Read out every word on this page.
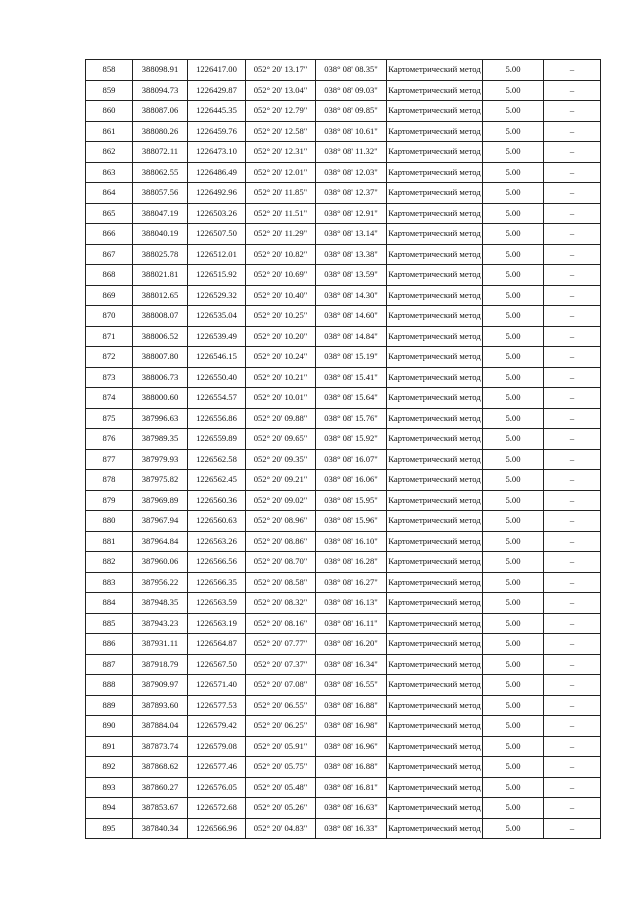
858	388098.91	1226417.00	052° 20' 13.17"	038° 08' 08.35"	Картометрический метод	5.00	–
859	388094.73	1226429.87	052° 20' 13.04"	038° 08' 09.03"	Картометрический метод	5.00	–
860	388087.06	1226445.35	052° 20' 12.79"	038° 08' 09.85"	Картометрический метод	5.00	–
861	388080.26	1226459.76	052° 20' 12.58"	038° 08' 10.61"	Картометрический метод	5.00	–
862	388072.11	1226473.10	052° 20' 12.31"	038° 08' 11.32"	Картометрический метод	5.00	–
863	388062.55	1226486.49	052° 20' 12.01"	038° 08' 12.03"	Картометрический метод	5.00	–
864	388057.56	1226492.96	052° 20' 11.85"	038° 08' 12.37"	Картометрический метод	5.00	–
865	388047.19	1226503.26	052° 20' 11.51"	038° 08' 12.91"	Картометрический метод	5.00	–
866	388040.19	1226507.50	052° 20' 11.29"	038° 08' 13.14"	Картометрический метод	5.00	–
867	388025.78	1226512.01	052° 20' 10.82"	038° 08' 13.38"	Картометрический метод	5.00	–
868	388021.81	1226515.92	052° 20' 10.69"	038° 08' 13.59"	Картометрический метод	5.00	–
869	388012.65	1226529.32	052° 20' 10.40"	038° 08' 14.30"	Картометрический метод	5.00	–
870	388008.07	1226535.04	052° 20' 10.25"	038° 08' 14.60"	Картометрический метод	5.00	–
871	388006.52	1226539.49	052° 20' 10.20"	038° 08' 14.84"	Картометрический метод	5.00	–
872	388007.80	1226546.15	052° 20' 10.24"	038° 08' 15.19"	Картометрический метод	5.00	–
873	388006.73	1226550.40	052° 20' 10.21"	038° 08' 15.41"	Картометрический метод	5.00	–
874	388000.60	1226554.57	052° 20' 10.01"	038° 08' 15.64"	Картометрический метод	5.00	–
875	387996.63	1226556.86	052° 20' 09.88"	038° 08' 15.76"	Картометрический метод	5.00	–
876	387989.35	1226559.89	052° 20' 09.65"	038° 08' 15.92"	Картометрический метод	5.00	–
877	387979.93	1226562.58	052° 20' 09.35"	038° 08' 16.07"	Картометрический метод	5.00	–
878	387975.82	1226562.45	052° 20' 09.21"	038° 08' 16.06"	Картометрический метод	5.00	–
879	387969.89	1226560.36	052° 20' 09.02"	038° 08' 15.95"	Картометрический метод	5.00	–
880	387967.94	1226560.63	052° 20' 08.96"	038° 08' 15.96"	Картометрический метод	5.00	–
881	387964.84	1226563.26	052° 20' 08.86"	038° 08' 16.10"	Картометрический метод	5.00	–
882	387960.06	1226566.56	052° 20' 08.70"	038° 08' 16.28"	Картометрический метод	5.00	–
883	387956.22	1226566.35	052° 20' 08.58"	038° 08' 16.27"	Картометрический метод	5.00	–
884	387948.35	1226563.59	052° 20' 08.32"	038° 08' 16.13"	Картометрический метод	5.00	–
885	387943.23	1226563.19	052° 20' 08.16"	038° 08' 16.11"	Картометрический метод	5.00	–
886	387931.11	1226564.87	052° 20' 07.77"	038° 08' 16.20"	Картометрический метод	5.00	–
887	387918.79	1226567.50	052° 20' 07.37"	038° 08' 16.34"	Картометрический метод	5.00	–
888	387909.97	1226571.40	052° 20' 07.08"	038° 08' 16.55"	Картометрический метод	5.00	–
889	387893.60	1226577.53	052° 20' 06.55"	038° 08' 16.88"	Картометрический метод	5.00	–
890	387884.04	1226579.42	052° 20' 06.25"	038° 08' 16.98"	Картометрический метод	5.00	–
891	387873.74	1226579.08	052° 20' 05.91"	038° 08' 16.96"	Картометрический метод	5.00	–
892	387868.62	1226577.46	052° 20' 05.75"	038° 08' 16.88"	Картометрический метод	5.00	–
893	387860.27	1226576.05	052° 20' 05.48"	038° 08' 16.81"	Картометрический метод	5.00	–
894	387853.67	1226572.68	052° 20' 05.26"	038° 08' 16.63"	Картометрический метод	5.00	–
895	387840.34	1226566.96	052° 20' 04.83"	038° 08' 16.33"	Картометрический метод	5.00	–
